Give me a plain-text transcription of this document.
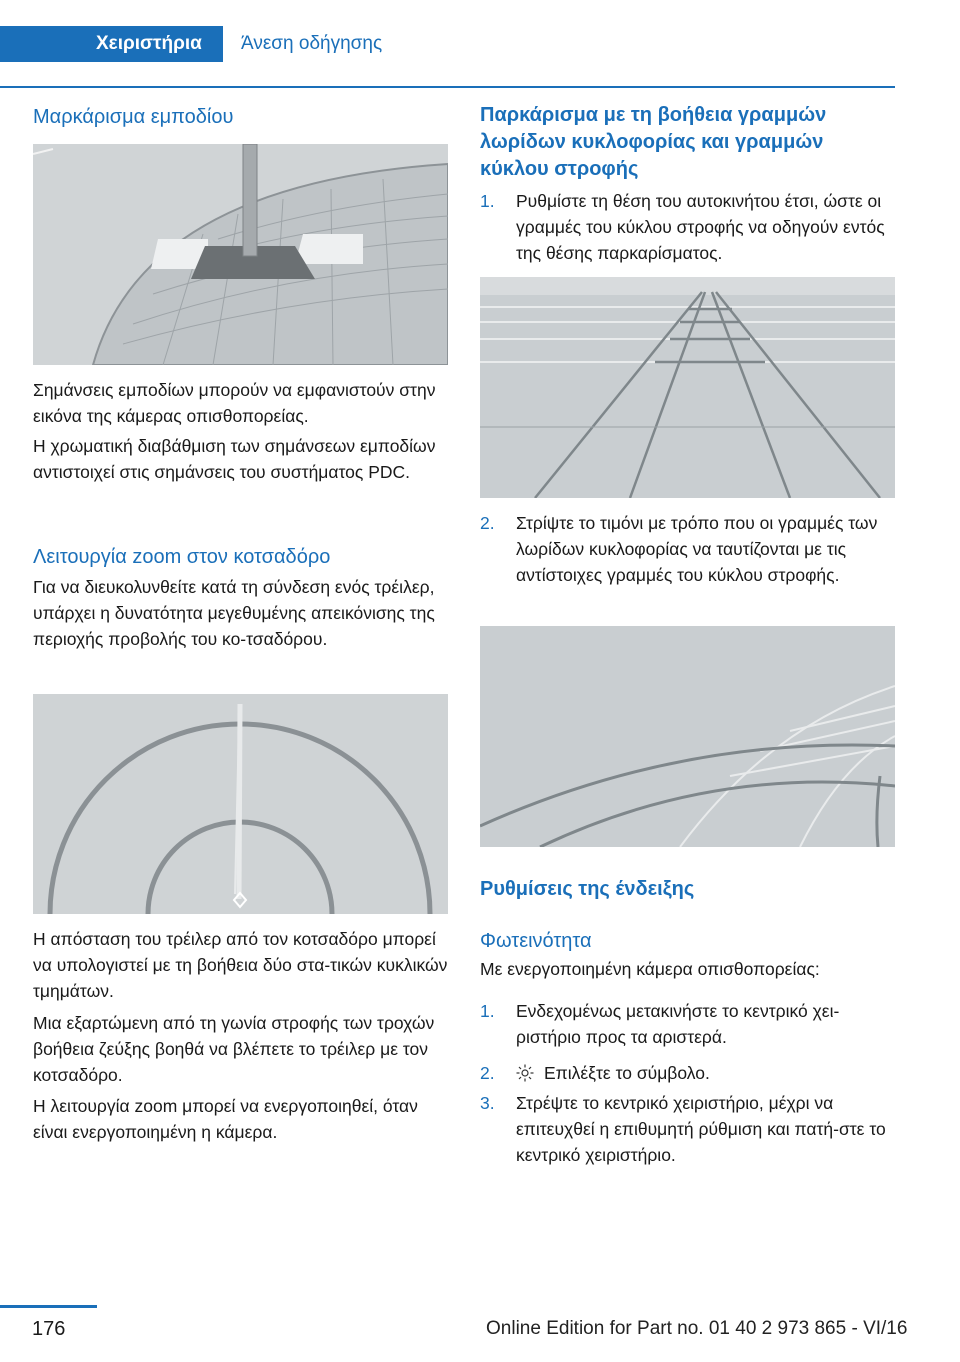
Χειριστήρια	Άνεση οδήγησης
Μαρκάρισμα εμποδίου

Σημάνσεις εμποδίων μπορούν να εμφανιστούν στην εικόνα της κάμερας οπισθοπορείας.

Η χρωματική διαβάθμιση των σημάνσεων εμποδίων αντιστοιχεί στις σημάνσεις του συστήματος PDC.

Λειτουργία zoom στον κοτσαδόρο

Για να διευκολυνθείτε κατά τη σύνδεση ενός τρέιλερ, υπάρχει η δυνατότητα μεγεθυμένης απεικόνισης της περιοχής προβολής του κο‐τσαδόρου.

Η απόσταση του τρέιλερ από τον κοτσαδόρο μπορεί να υπολογιστεί με τη βοήθεια δύο στα‐τικών κυκλικών τμημάτων.

Μια εξαρτώμενη από τη γωνία στροφής των τροχών βοήθεια ζεύξης βοηθά να βλέπετε το τρέιλερ με τον κοτσαδόρο.

Η λειτουργία zoom μπορεί να ενεργοποιηθεί, όταν είναι ενεργοποιημένη η κάμερα.

Παρκάρισμα με τη βοήθεια γραμμών λωρίδων κυκλοφορίας και γραμμών κύκλου στροφής
1. Ρυθμίστε τη θέση του αυτοκινήτου έτσι, ώστε οι γραμμές του κύκλου στροφής να οδηγούν εντός της θέσης παρκαρίσματος.
2. Στρίψτε το τιμόνι με τρόπο που οι γραμμές των λωρίδων κυκλοφορίας να ταυτίζονται με τις αντίστοιχες γραμμές του κύκλου στροφής.
Ρυθμίσεις της ένδειξης
Φωτεινότητα

Με ενεργοποιημένη κάμερα οπισθοπορείας:

1. Ενδεχομένως μετακινήστε το κεντρικό χει‐ριστήριο προς τα αριστερά.
2.	Επιλέξτε το σύμβολο.
3. Στρέψτε το κεντρικό χειριστήριο, μέχρι να επιτευχθεί η επιθυμητή ρύθμιση και πατή‐στε το κεντρικό χειριστήριο.
176	Online Edition for Part no. 01 40 2 973 865 - VI/16
